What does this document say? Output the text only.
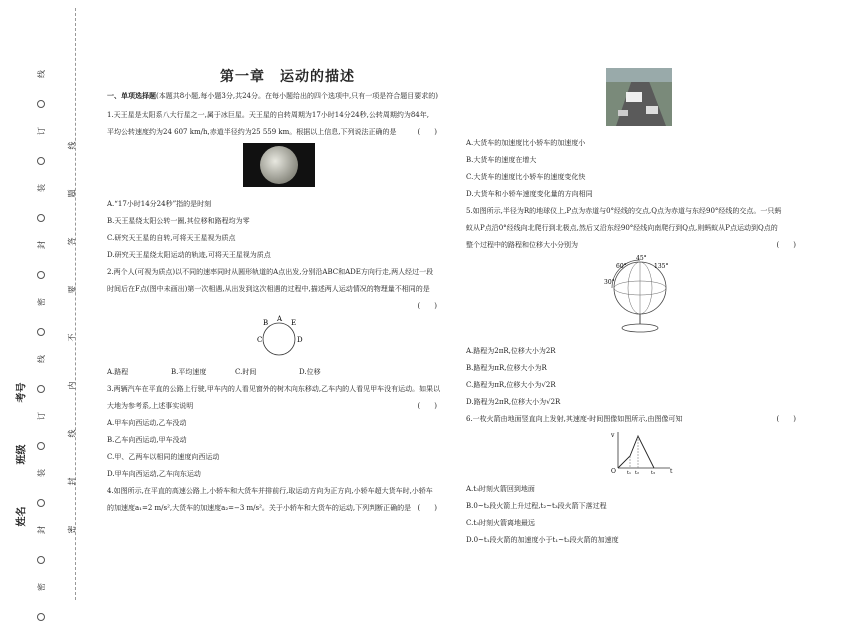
线
订
装
封
密
线
订
装
封
密
线
题
答
要
不
内
线
封
密
考号
班级
姓名
第一章　运动的描述

一、单项选择题(本题共8小题,每小题3分,共24分。在每小题给出的四个选项中,只有一项是符合题目要求的)

1.天王星是太阳系八大行星之一,属于冰巨星。天王星的自转周期为17小时14分24秒,公转周期约为84年,

平均公转速度约为24 607 km/h,赤道半径约为25 559 km。根据以上信息,下列说法正确的是	(　　)

A.“17小时14分24秒”指的是时刻

B.天王星绕太阳公转一圈,其位移和路程均为零

C.研究天王星的自转,可将天王星视为质点

D.研究天王星绕太阳运动的轨迹,可将天王星视为质点

2.两个人(可视为质点)以不同的速率同时从圆形轨道的A点出发,分别沿ABC和ADE方向行走,两人经过一段

时间后在F点(图中未画出)第一次相遇,从出发到这次相遇的过程中,描述两人运动情况的物理量不相同的是

(　　)

B A E
C	D

A.路程	B.平均速度	C.时间	D.位移

3.两辆汽车在平直的公路上行驶,甲车内的人看见窗外的树木向东移动,乙车内的人看见甲车没有运动。如果以

大地为参考系,上述事实说明	(　　)

A.甲车向西运动,乙车没动

B.乙车向西运动,甲车没动

C.甲、乙两车以相同的速度向西运动

D.甲车向西运动,乙车向东运动

4.如图所示,在平直的高速公路上,小轿车和大货车并排前行,取运动方向为正方向,小轿车超大货车时,小轿车

的加速度a₁=2 m/s²,大货车的加速度a₂=−3 m/s²。关于小轿车和大货车的运动,下列判断正确的是 (　　)

A.大货车的加速度比小轿车的加速度小

B.大货车的速度在增大

C.大货车的速度比小轿车的速度变化快

D.大货车和小轿车速度变化量的方向相同

5.如图所示,半径为R的地球仪上,P点为赤道与0°经线的交点,Q点为赤道与东经90°经线的交点。一只蚂

蚁从P点沿0°经线向北爬行到北极点,然后又沿东经90°经线向南爬行到Q点,则蚂蚁从P点运动到Q点的

整个过程中的路程和位移大小分别为	(　　)

45°
60°
30°
135°

A.路程为2πR,位移大小为2R

B.路程为πR,位移大小为R

C.路程为πR,位移大小为√2R

D.路程为2πR,位移大小为√2R

6.一枚火箭由地面竖直向上发射,其速度-时间图像如图所示,由图像可知	(　　)

v
O t₁ t₂ t₃ t

A.t₃时刻火箭回到地面

B.0~t₂段火箭上升过程,t₂~t₃段火箭下落过程

C.t₃时刻火箭离地最远

D.0~t₁段火箭的加速度小于t₁~t₂段火箭的加速度
